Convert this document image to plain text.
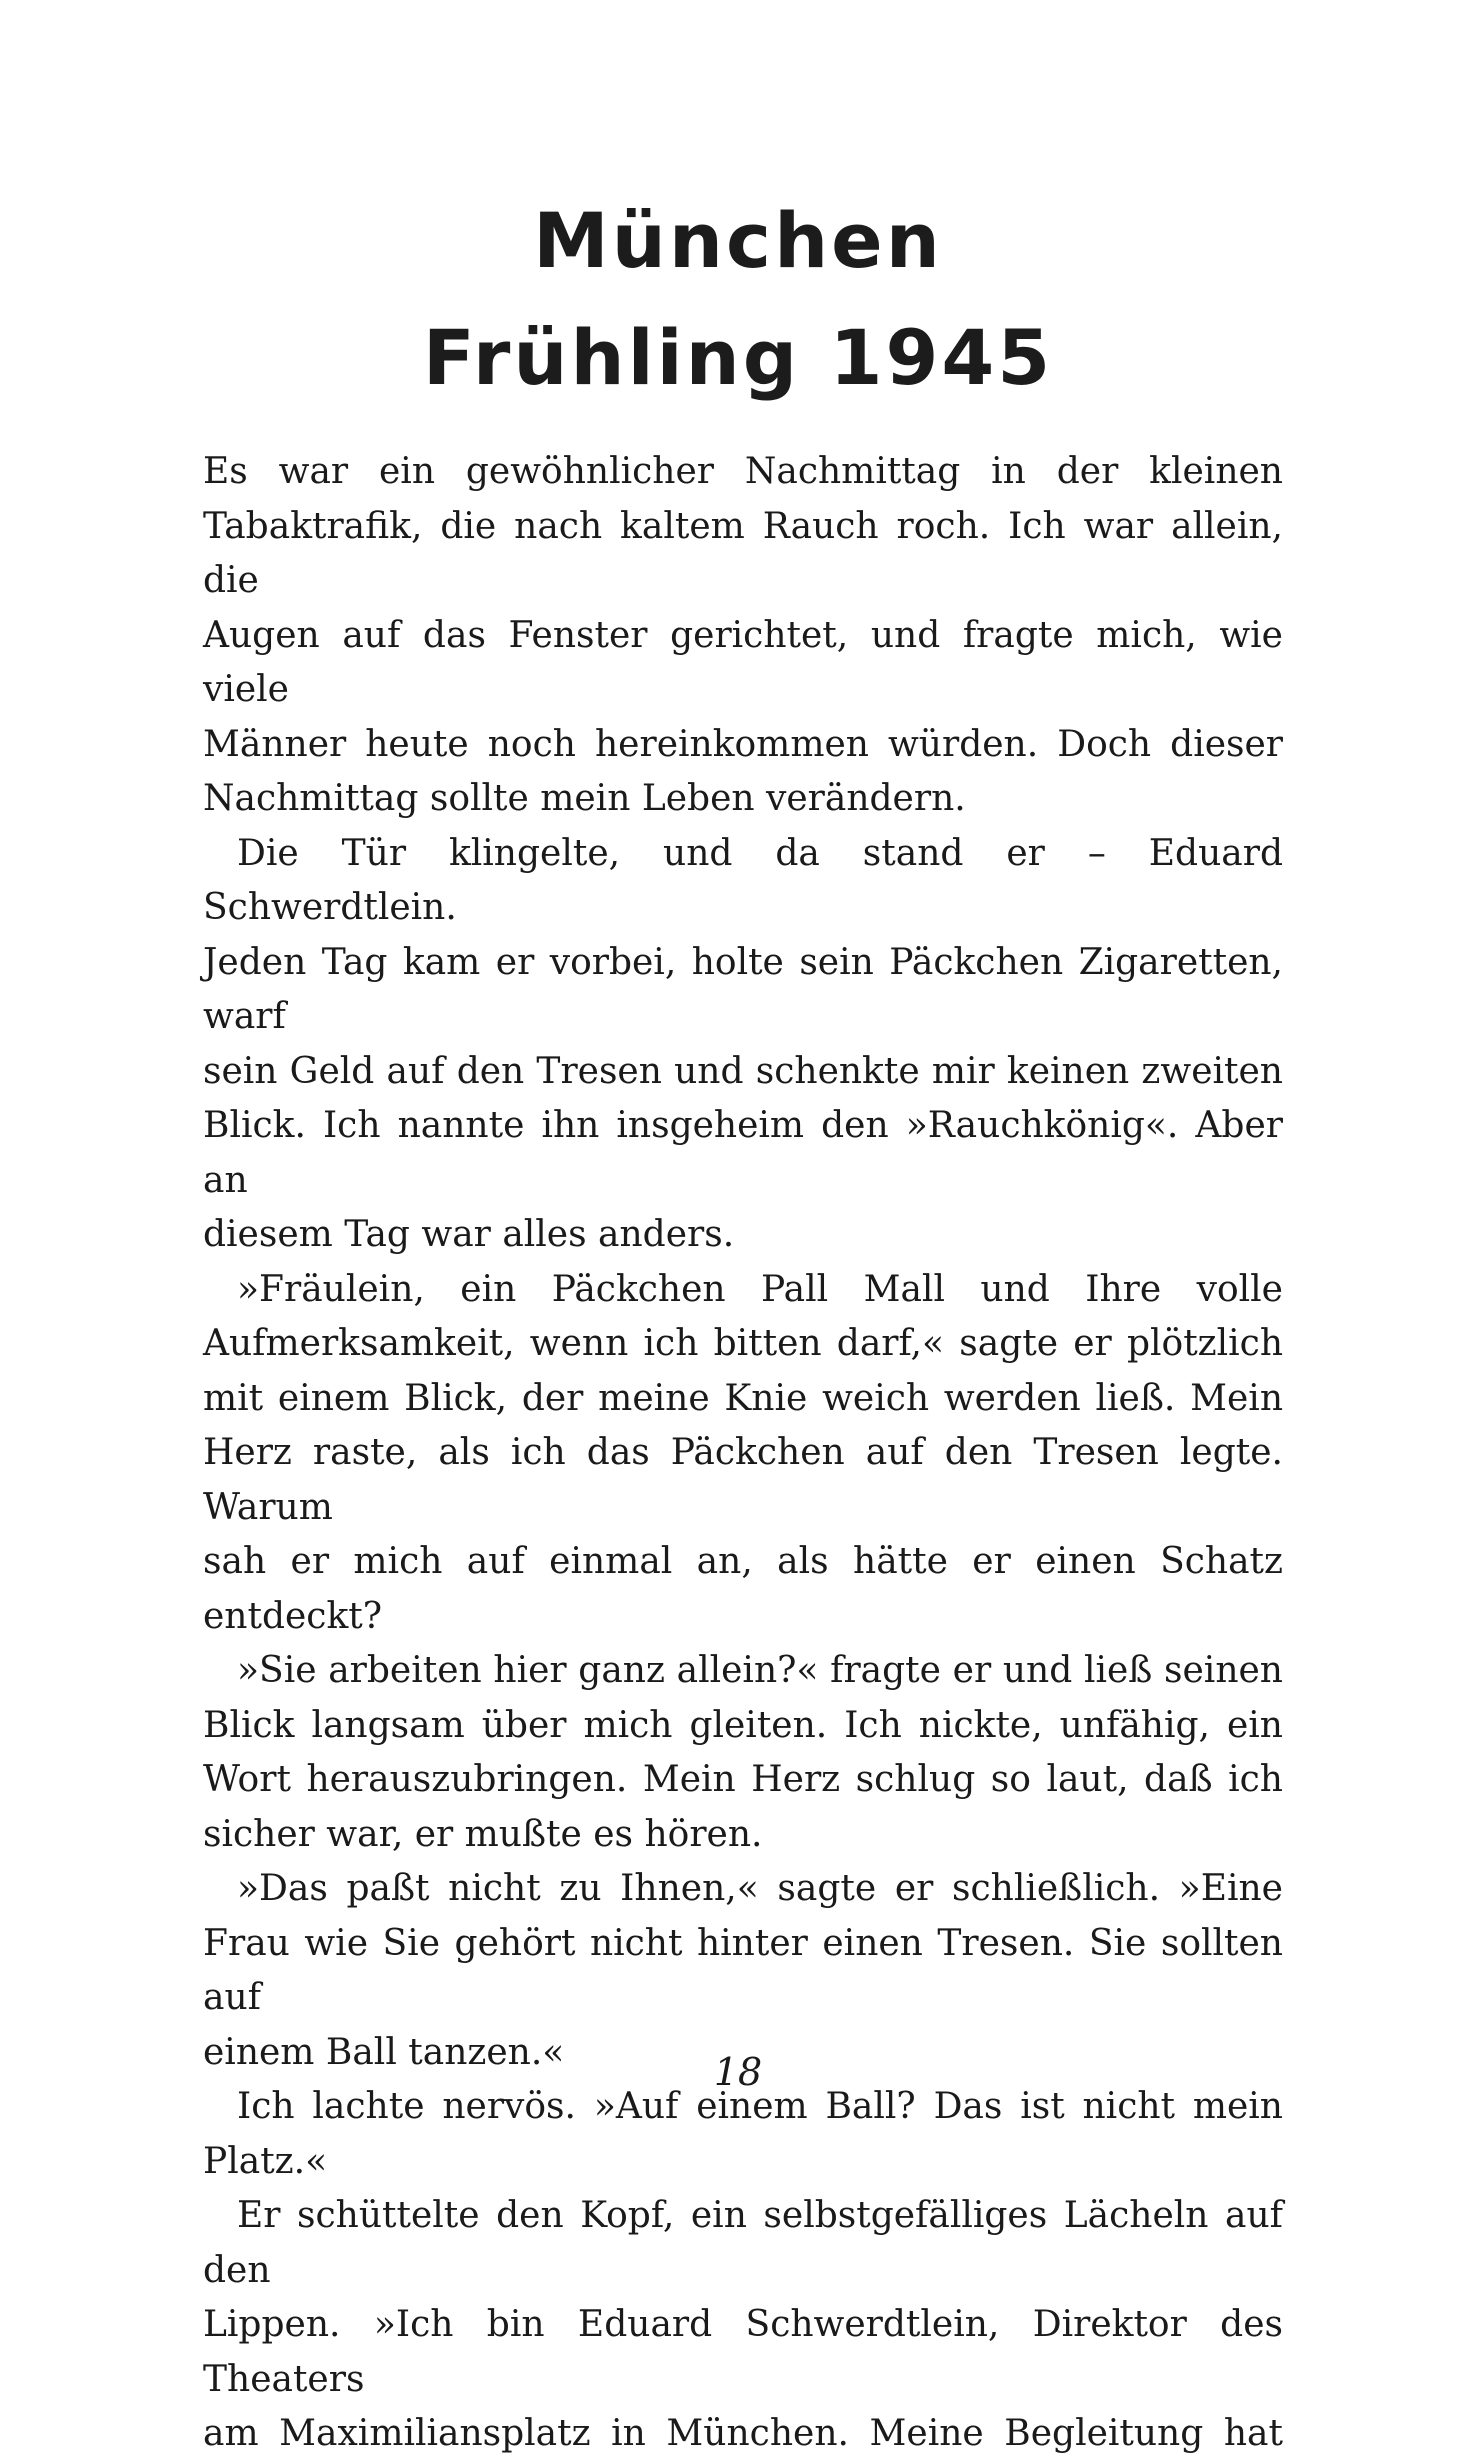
München
Frühling 1945

Es war ein gewöhnlicher Nachmittag in der kleinen
Tabaktrafik, die nach kaltem Rauch roch. Ich war allein, die
Augen auf das Fenster gerichtet, und fragte mich, wie viele
Männer heute noch hereinkommen würden. Doch dieser

Nachmittag sollte mein Leben verändern.

Die Tür klingelte, und da stand er – Eduard Schwerdtlein.
Jeden Tag kam er vorbei, holte sein Päckchen Zigaretten, warf
sein Geld auf den Tresen und schenkte mir keinen zweiten
Blick. Ich nannte ihn insgeheim den »Rauchkönig«. Aber an

diesem Tag war alles anders.

»Fräulein, ein Päckchen Pall Mall und Ihre volle
Aufmerksamkeit, wenn ich bitten darf,« sagte er plötzlich
mit einem Blick, der meine Knie weich werden ließ. Mein
Herz raste, als ich das Päckchen auf den Tresen legte. Warum

sah er mich auf einmal an, als hätte er einen Schatz entdeckt?

»Sie arbeiten hier ganz allein?« fragte er und ließ seinen
Blick langsam über mich gleiten. Ich nickte, unfähig, ein
Wort herauszubringen. Mein Herz schlug so laut, daß ich

sicher war, er mußte es hören.

»Das paßt nicht zu Ihnen,« sagte er schließlich. »Eine
Frau wie Sie gehört nicht hinter einen Tresen. Sie sollten auf

einem Ball tanzen.«

Ich lachte nervös. »Auf einem Ball? Das ist nicht mein

Platz.«

Er schüttelte den Kopf, ein selbstgefälliges Lächeln auf den
Lippen. »Ich bin Eduard Schwerdtlein, Direktor des Theaters

am Maximiliansplatz in München. Meine Begleitung hat

18
